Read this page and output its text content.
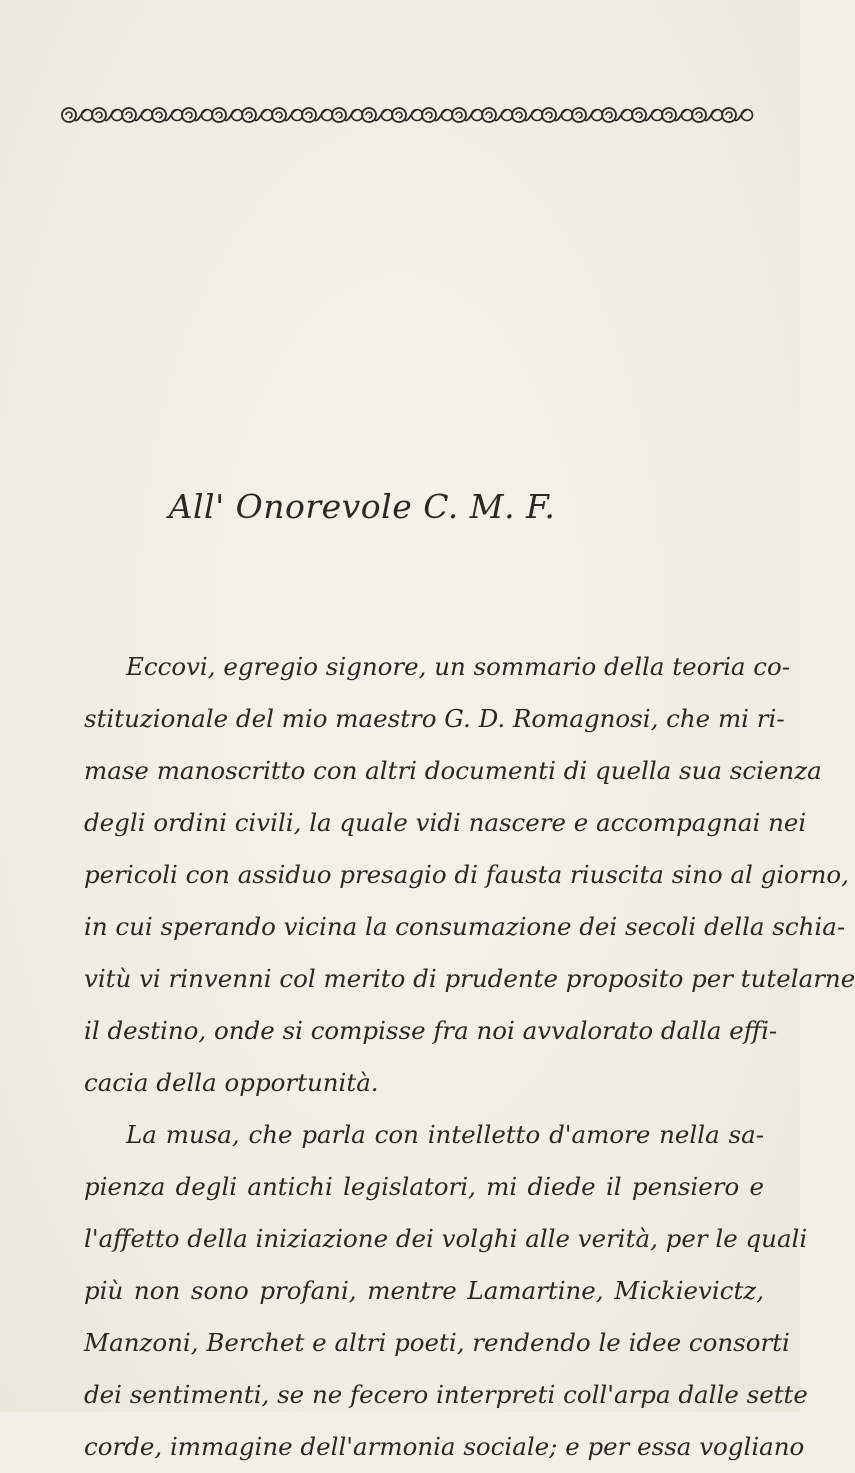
All' Onorevole C. M. F.
Eccovi, egregio signore, un sommario della teoria co-
stituzionale del mio maestro G. D. Romagnosi, che mi ri-
mase manoscritto con altri documenti di quella sua scienza
degli ordini civili, la quale vidi nascere e accompagnai nei
pericoli con assiduo presagio di fausta riuscita sino al giorno,
in cui sperando vicina la consumazione dei secoli della schia-
vitù vi rinvenni col merito di prudente proposito per tutelarne
il destino, onde si compisse fra noi avvalorato dalla effi-
cacia della opportunità.
La musa, che parla con intelletto d'amore nella sa-
pienza degli antichi legislatori, mi diede il pensiero e
l'affetto della iniziazione dei volghi alle verità, per le quali
più non sono profani, mentre Lamartine, Mickievictz,
Manzoni, Berchet e altri poeti, rendendo le idee consorti
dei sentimenti, se ne fecero interpreti coll'arpa dalle sette
corde, immagine dell'armonia sociale; e per essa vogliano
